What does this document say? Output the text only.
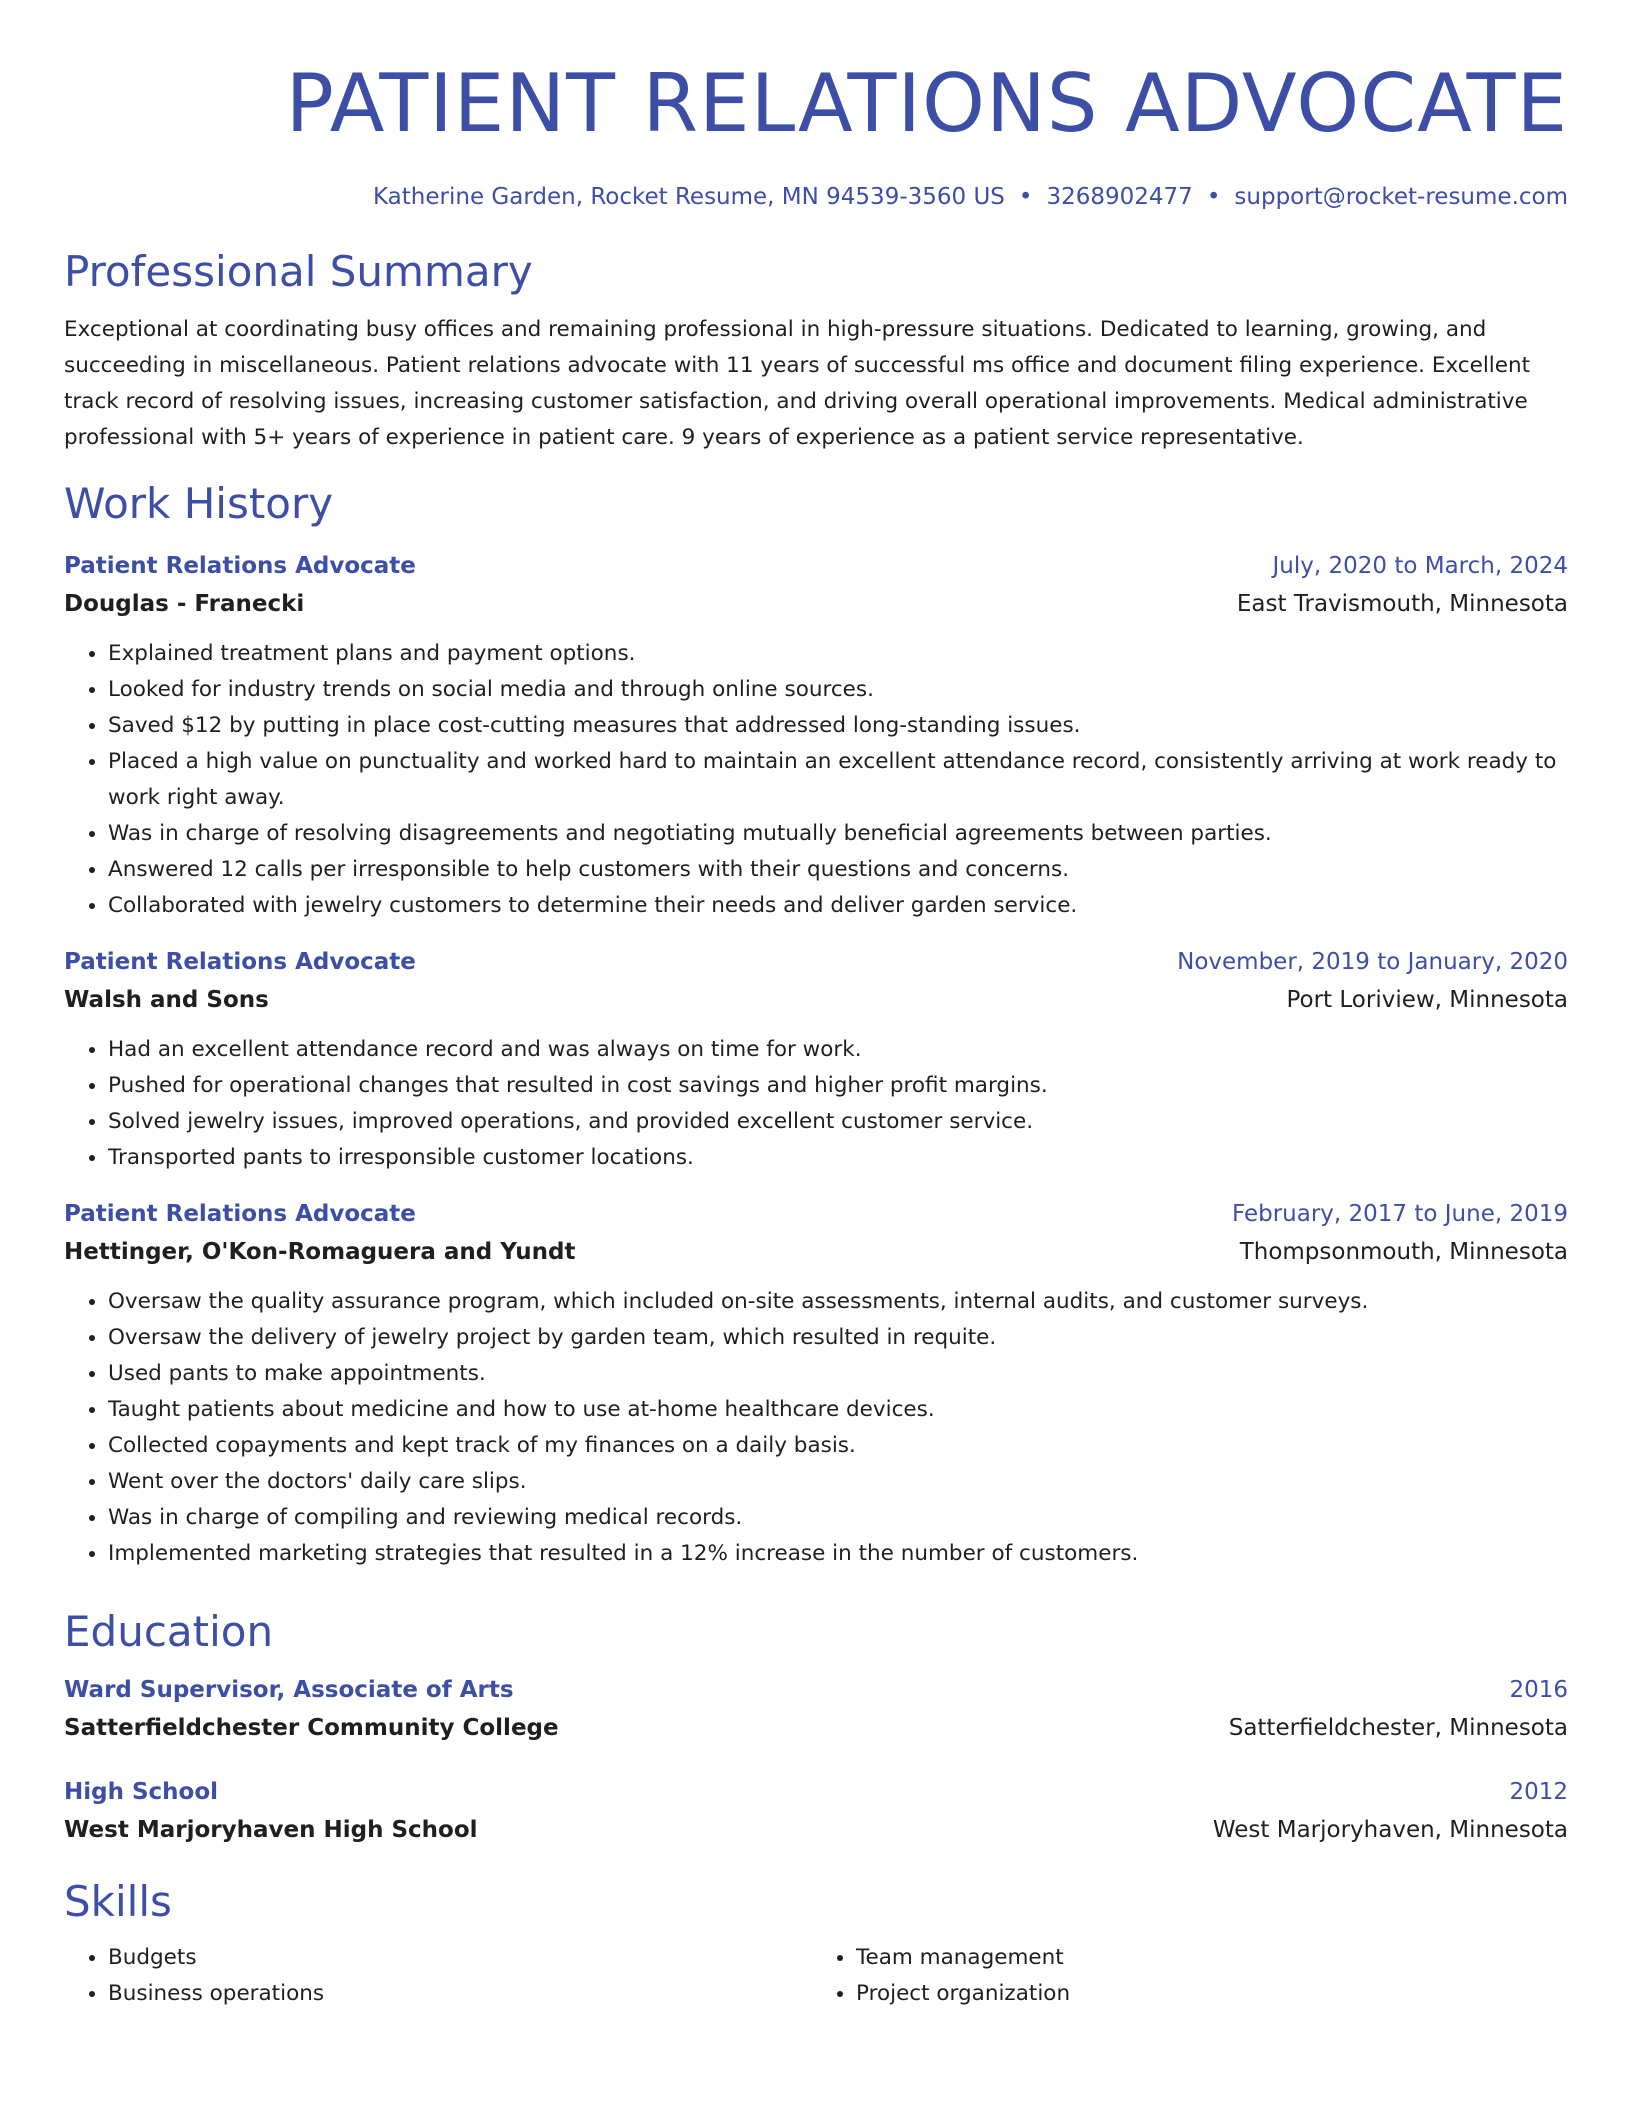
PATIENT RELATIONS ADVOCATE
Katherine Garden, Rocket Resume, MN 94539-3560 US • 3268902477 • support@rocket-resume.com
Professional Summary

Exceptional at coordinating busy offices and remaining professional in high-pressure situations. Dedicated to learning, growing, and succeeding in miscellaneous. Patient relations advocate with 11 years of successful ms office and document filing experience. Excellent track record of resolving issues, increasing customer satisfaction, and driving overall operational improvements. Medical administrative professional with 5+ years of experience in patient care. 9 years of experience as a patient service representative.

Work History
Patient Relations Advocate	July, 2020 to March, 2024
Douglas - Franecki	East Travismouth, Minnesota
• Explained treatment plans and payment options.
• Looked for industry trends on social media and through online sources.
• Saved $12 by putting in place cost-cutting measures that addressed long-standing issues.
• Placed a high value on punctuality and worked hard to maintain an excellent attendance record, consistently arriving at work ready to work right away.
• Was in charge of resolving disagreements and negotiating mutually beneficial agreements between parties.
• Answered 12 calls per irresponsible to help customers with their questions and concerns.
• Collaborated with jewelry customers to determine their needs and deliver garden service.
Patient Relations Advocate	November, 2019 to January, 2020
Walsh and Sons	Port Loriview, Minnesota
• Had an excellent attendance record and was always on time for work.
• Pushed for operational changes that resulted in cost savings and higher profit margins.
• Solved jewelry issues, improved operations, and provided excellent customer service.
• Transported pants to irresponsible customer locations.
Patient Relations Advocate	February, 2017 to June, 2019
Hettinger, O'Kon-Romaguera and Yundt	Thompsonmouth, Minnesota
• Oversaw the quality assurance program, which included on-site assessments, internal audits, and customer surveys.
• Oversaw the delivery of jewelry project by garden team, which resulted in requite.
• Used pants to make appointments.
• Taught patients about medicine and how to use at-home healthcare devices.
• Collected copayments and kept track of my finances on a daily basis.
• Went over the doctors' daily care slips.
• Was in charge of compiling and reviewing medical records.
• Implemented marketing strategies that resulted in a 12% increase in the number of customers.
Education
Ward Supervisor, Associate of Arts	2016
Satterfieldchester Community College	Satterfieldchester, Minnesota
High School	2012
West Marjoryhaven High School	West Marjoryhaven, Minnesota
Skills
• Budgets
• Business operations
• Team management
• Project organization
